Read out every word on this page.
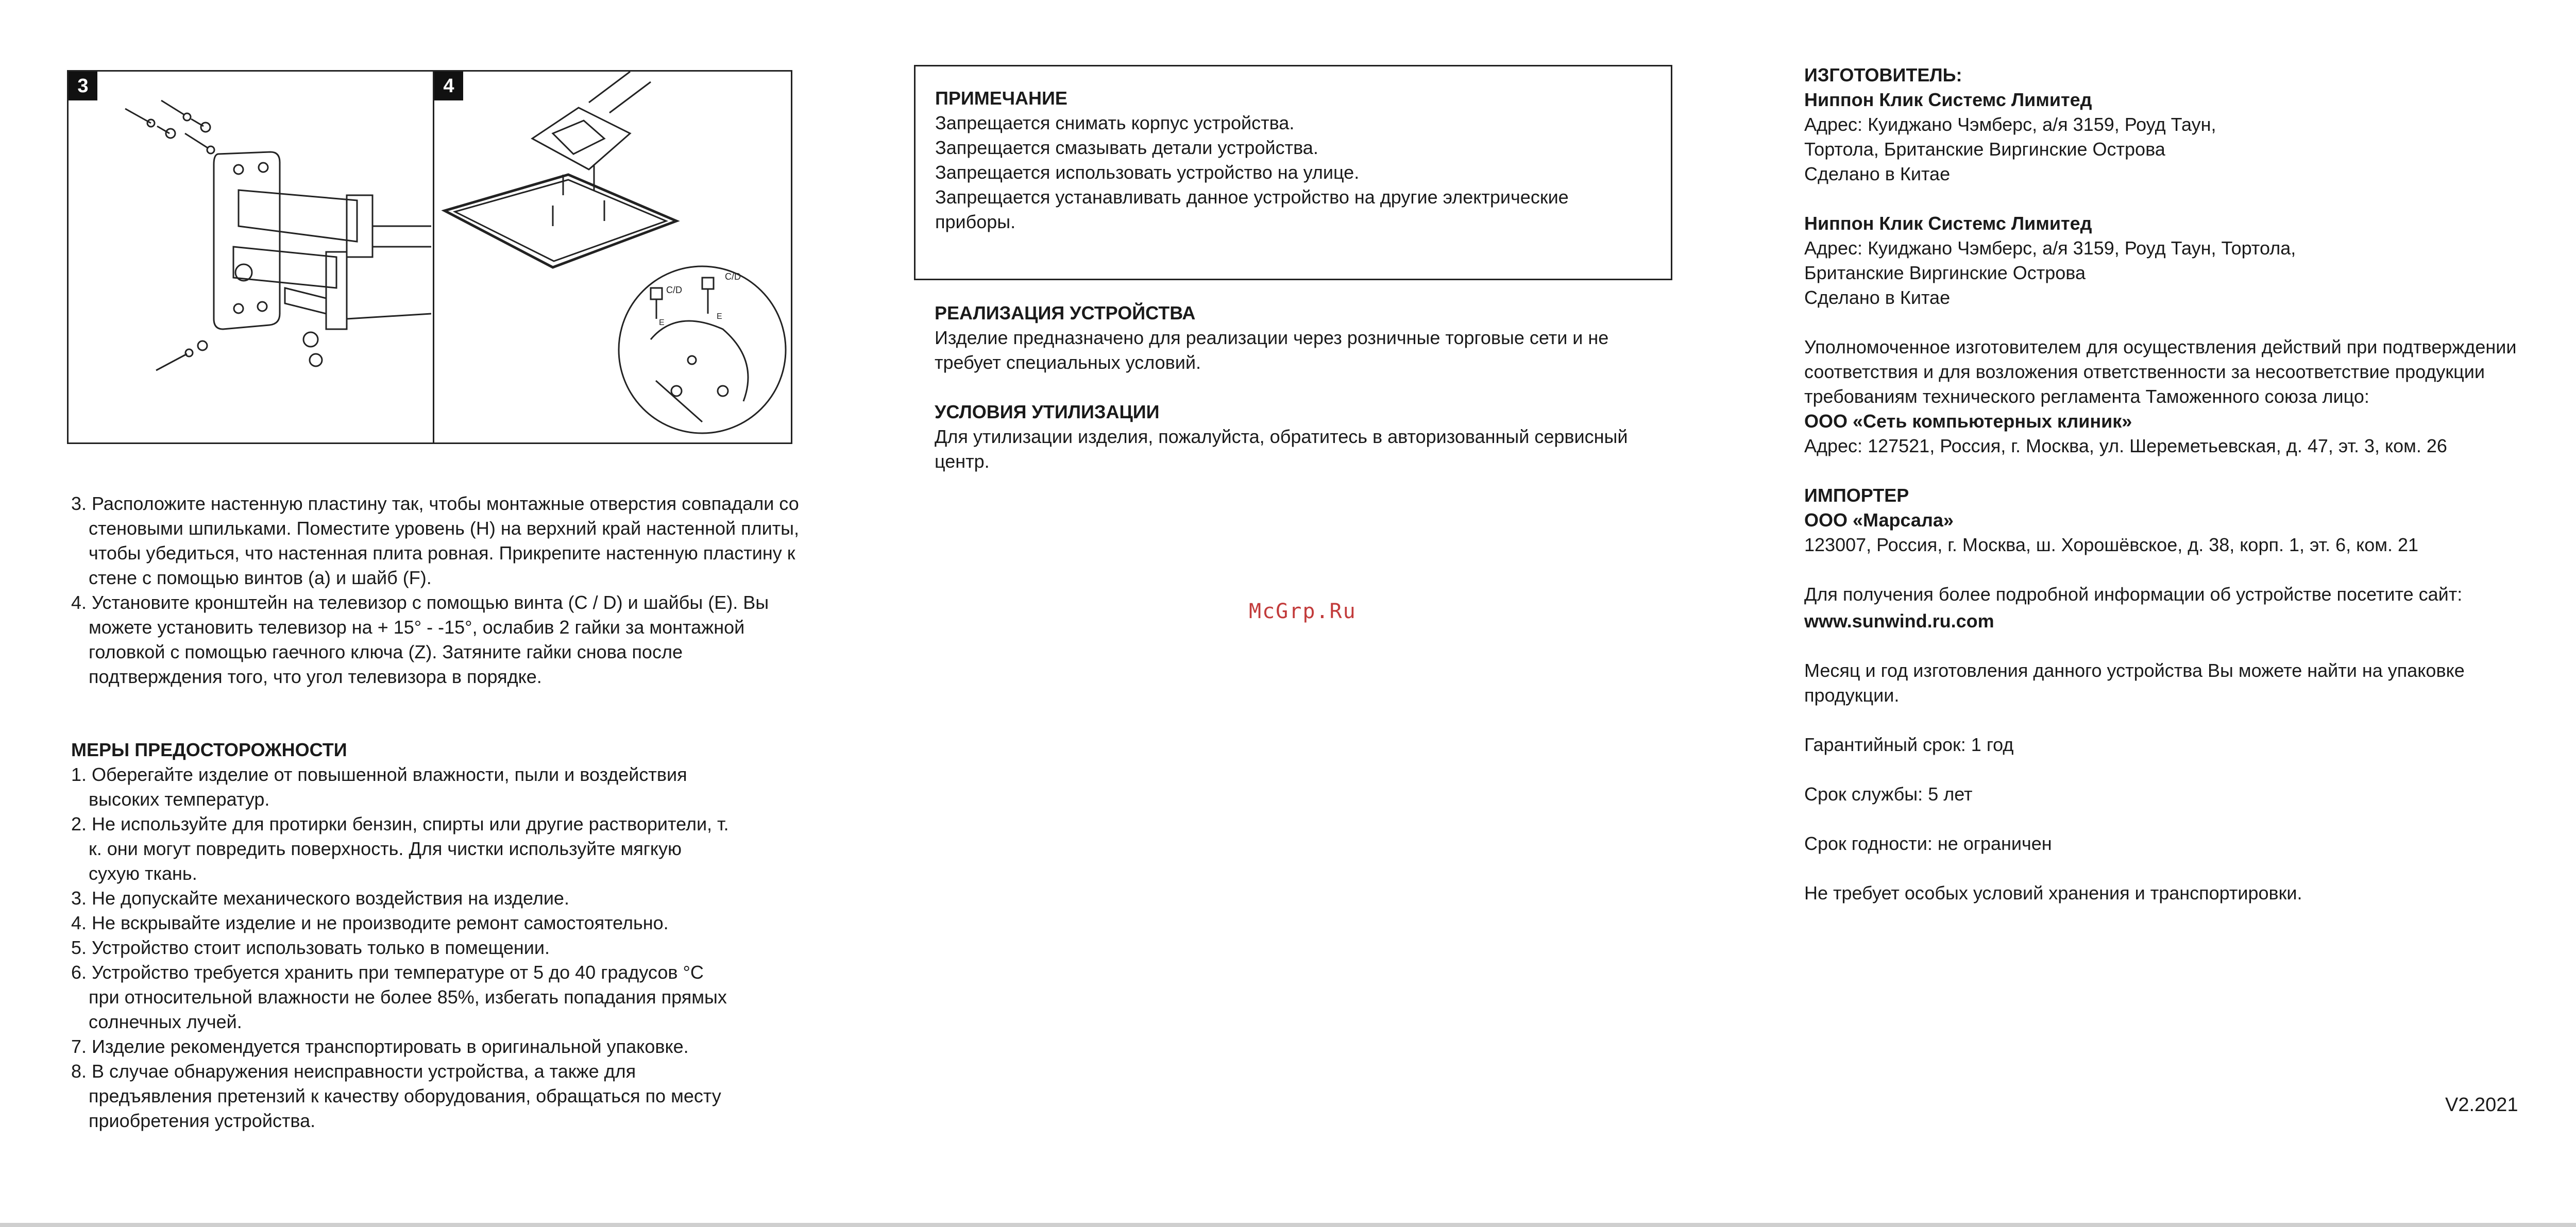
3	4
C/D
C/D
E
E
3. Расположите настенную пластину так, чтобы монтажные отверстия совпадали со стеновыми шпильками. Поместите уровень (H) на верхний край настенной плиты, чтобы убедиться, что настенная плита ровная. Прикрепите настенную пластину к стене с помощью винтов (a) и шайб (F).
4. Установите кронштейн на телевизор с помощью винта (C / D) и шайбы (E). Вы можете установить телевизор на + 15° - -15°, ослабив 2 гайки за монтажной головкой с помощью гаечного ключа (Z). Затяните гайки снова после подтверждения того, что угол телевизора в порядке.
МЕРЫ ПРЕДОСТОРОЖНОСТИ
1. Оберегайте изделие от повышенной влажности, пыли и воздействия высоких температур.
2. Не используйте для протирки бензин, спирты или другие растворители, т. к. они могут повредить поверхность. Для чистки используйте мягкую сухую ткань.
3. Не допускайте механического воздействия на изделие.
4. Не вскрывайте изделие и не производите ремонт самостоятельно.
5. Устройство стоит использовать только в помещении.
6. Устройство требуется хранить при температуре от 5 до 40 градусов °С при относительной влажности не более 85%, избегать попадания прямых солнечных лучей.
7. Изделие рекомендуется транспортировать в оригинальной упаковке.
8. В случае обнаружения неисправности устройства, а также для предъявления претензий к качеству оборудования, обращаться по месту приобретения устройства.
ПРИМЕЧАНИЕ
Запрещается снимать корпус устройства.
Запрещается смазывать детали устройства.
Запрещается использовать устройство на улице.
Запрещается устанавливать данное устройство на другие электрические приборы.
РЕАЛИЗАЦИЯ УСТРОЙСТВА
Изделие предназначено для реализации через розничные торговые сети и не требует специальных условий.
УСЛОВИЯ УТИЛИЗАЦИИ
Для утилизации изделия, пожалуйста, обратитесь в авторизованный сервисный центр.
McGrp.Ru
ИЗГОТОВИТЕЛЬ:
Ниппон Клик Системс Лимитед
Адрес: Куиджано Чэмберс, а/я 3159, Роуд Таун, Тортола, Британские Виргинские Острова
Сделано в Китае
Ниппон Клик Системс Лимитед
Адрес: Куиджано Чэмберс, а/я 3159, Роуд Таун, Тортола, Британские Виргинские Острова
Сделано в Китае
Уполномоченное изготовителем для осуществления действий при подтверждении соответствия и для возложения ответственности за несоответствие продукции требованиям технического регламента Таможенного союза лицо:
ООО «Сеть компьютерных клиник»
Адрес: 127521, Россия, г. Москва, ул. Шереметьевская, д. 47, эт. 3, ком. 26
ИМПОРТЕР
ООО «Марсала»
123007, Россия, г. Москва, ш. Хорошёвское, д. 38, корп. 1, эт. 6, ком. 21
Для получения более подробной информации об устройстве посетите сайт:
www.sunwind.ru.com
Месяц и год изготовления данного устройства Вы можете найти на упаковке продукции.
Гарантийный срок: 1 год
Срок службы: 5 лет
Срок годности: не ограничен
Не требует особых условий хранения и транспортировки.
V2.2021
